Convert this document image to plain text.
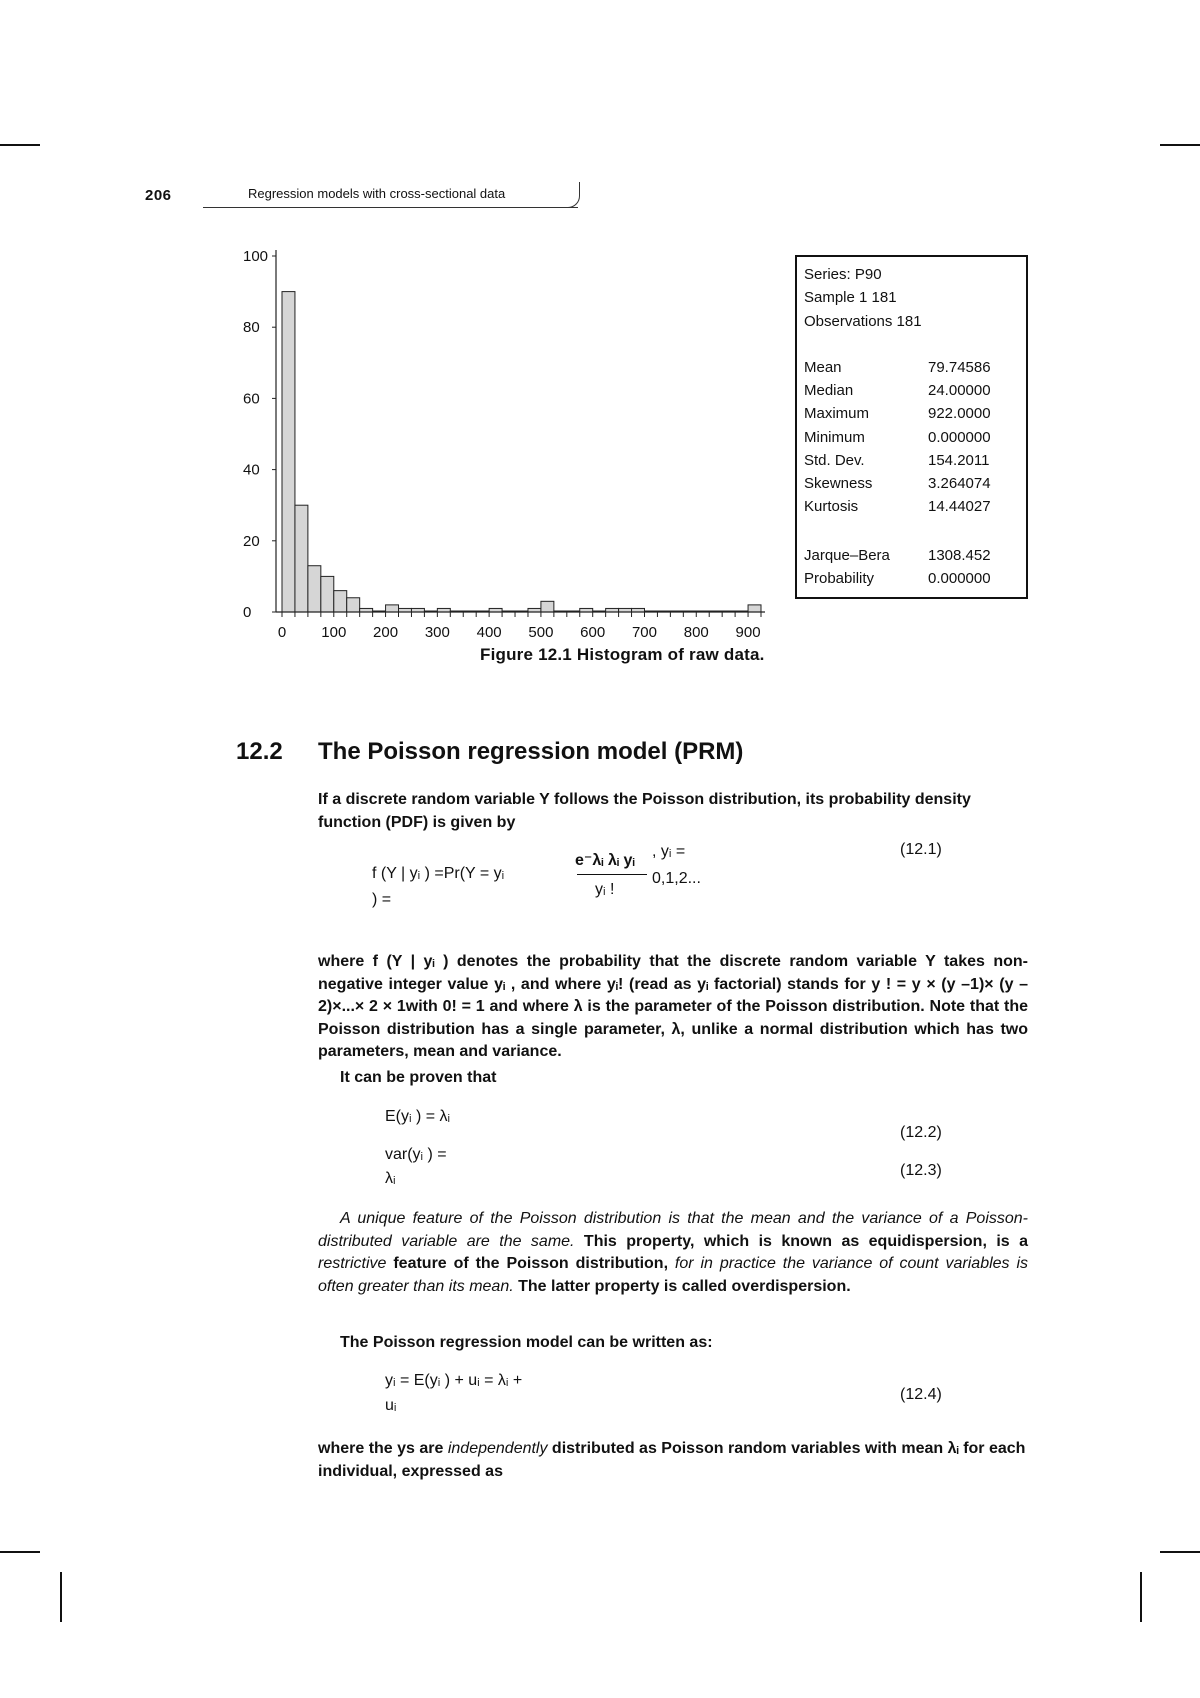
206	Regression models with cross-sectional data
0
20
40
60
80
100
0 100 200 300 400 500 600 700 800 900
Series: P90
Sample 1 181
Observations 181
Mean	79.74586
Median	24.00000
Maximum	922.0000
Minimum	0.000000
Std. Dev.	154.2011
Skewness	3.264074
Kurtosis	14.44027
Jarque–Bera	1308.452
Probability	0.000000
Figure 12.1 Histogram of raw data.
12.2 The Poisson regression model (PRM)
If a discrete random variable Y follows the Poisson distribution, its probability density function (PDF) is given by
f (Y | yᵢ ) =Pr(Y = yᵢ
) =
e⁻λᵢ λᵢ yᵢ
yᵢ !
, yᵢ =
0,1,2...
(12.1)
where f (Y | yᵢ ) denotes the probability that the discrete random variable Y takes non-negative integer value yᵢ , and where yᵢ! (read as yᵢ factorial) stands for y ! = y × (y –1)× (y –2)×...× 2 × 1with 0! = 1 and where λ is the parameter of the Poisson distribution. Note that the Poisson distribution has a single parameter, λ, unlike a normal distribution which has two parameters, mean and variance.
It can be proven that
E(yᵢ ) = λᵢ
(12.2)
var(yᵢ ) =
λᵢ	(12.3)
A unique feature of the Poisson distribution is that the mean and the variance of a Poisson-distributed variable are the same. This property, which is known as equidispersion, is a restrictive feature of the Poisson distribution, for in practice the variance of count variables is often greater than its mean. The latter property is called overdispersion.
The Poisson regression model can be written as:
yᵢ = E(yᵢ ) + uᵢ = λᵢ +
uᵢ
(12.4)
where the ys are independently distributed as Poisson random variables with mean λᵢ for each individual, expressed as
